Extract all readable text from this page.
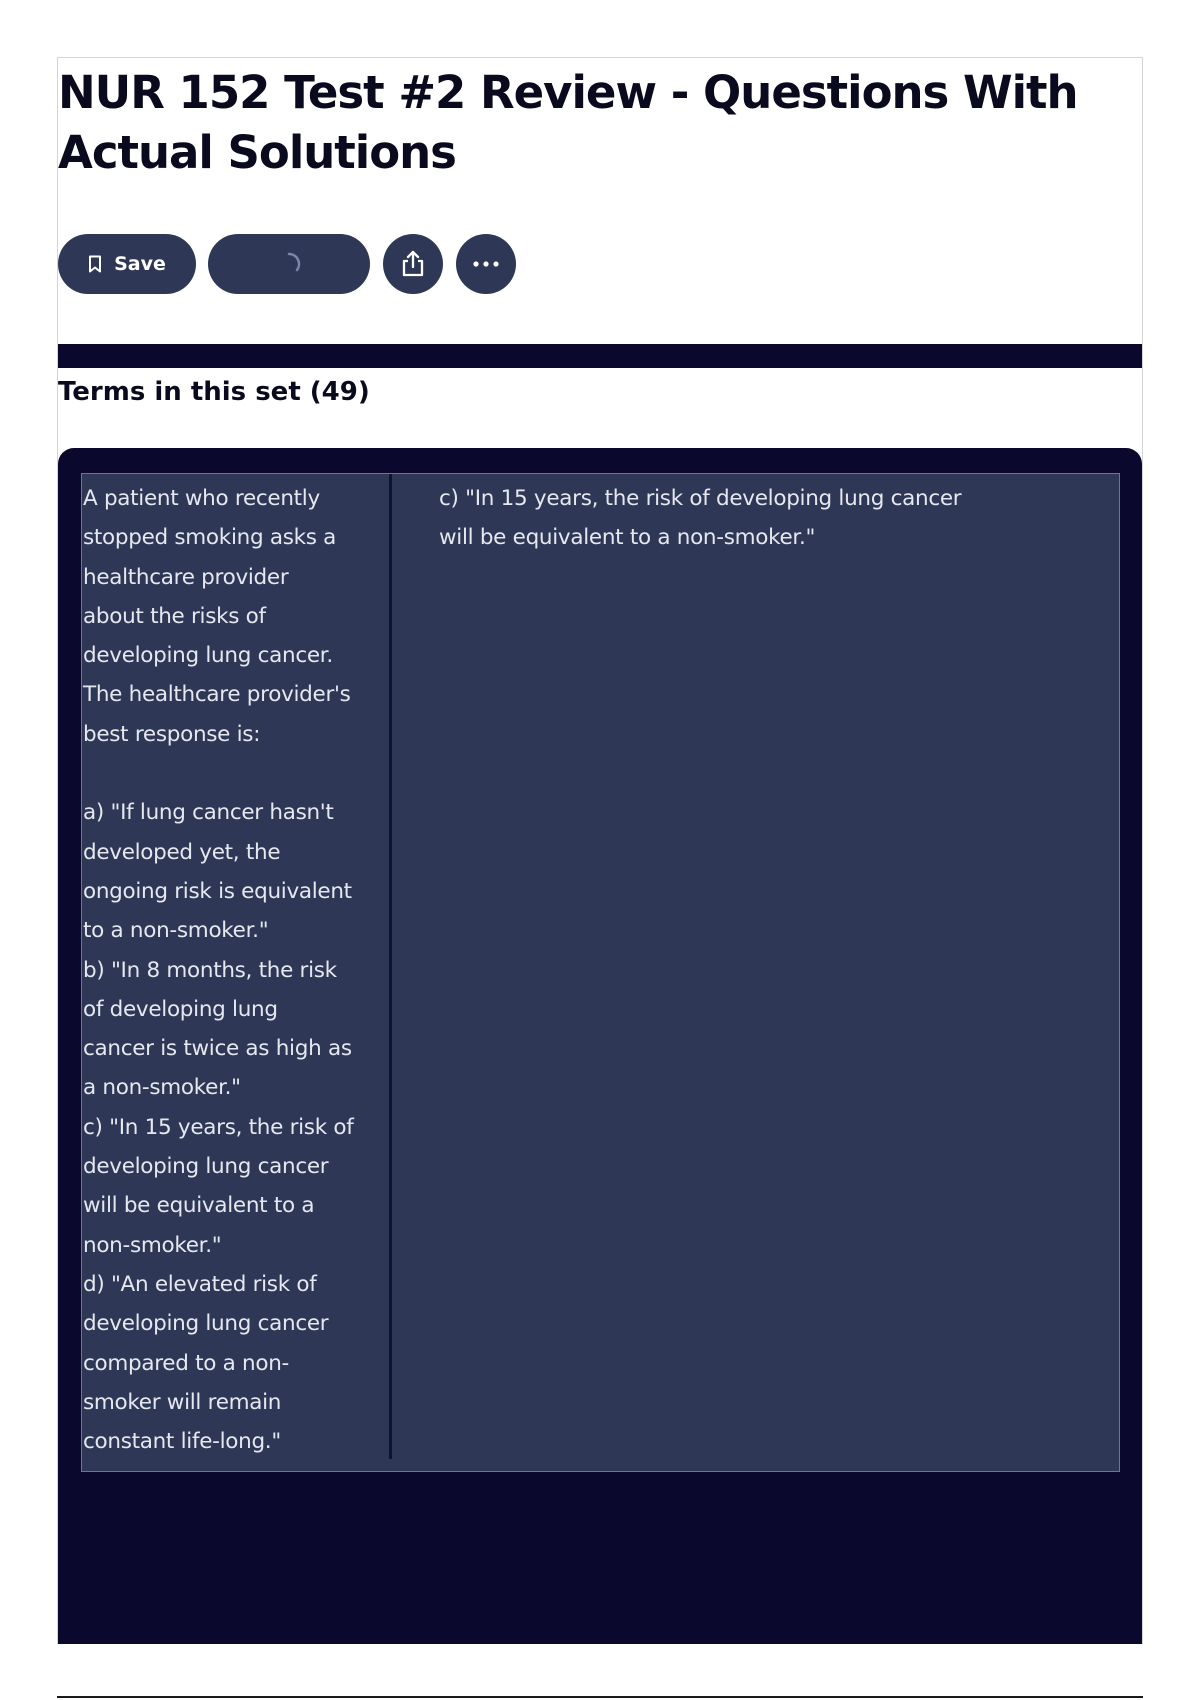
NUR 152 Test #2 Review - Questions With Actual Solutions
Save
Terms in this set (49)

A patient who recently
stopped smoking asks a
healthcare provider
about the risks of
developing lung cancer.
The healthcare provider's
best response is:

a) "If lung cancer hasn't
developed yet, the
ongoing risk is equivalent
to a non-smoker."
b) "In 8 months, the risk
of developing lung
cancer is twice as high as
a non-smoker."
c) "In 15 years, the risk of
developing lung cancer
will be equivalent to a
non-smoker."
d) "An elevated risk of
developing lung cancer
compared to a non-
smoker will remain
constant life-long."

c) "In 15 years, the risk of developing lung cancer
will be equivalent to a non-smoker."
